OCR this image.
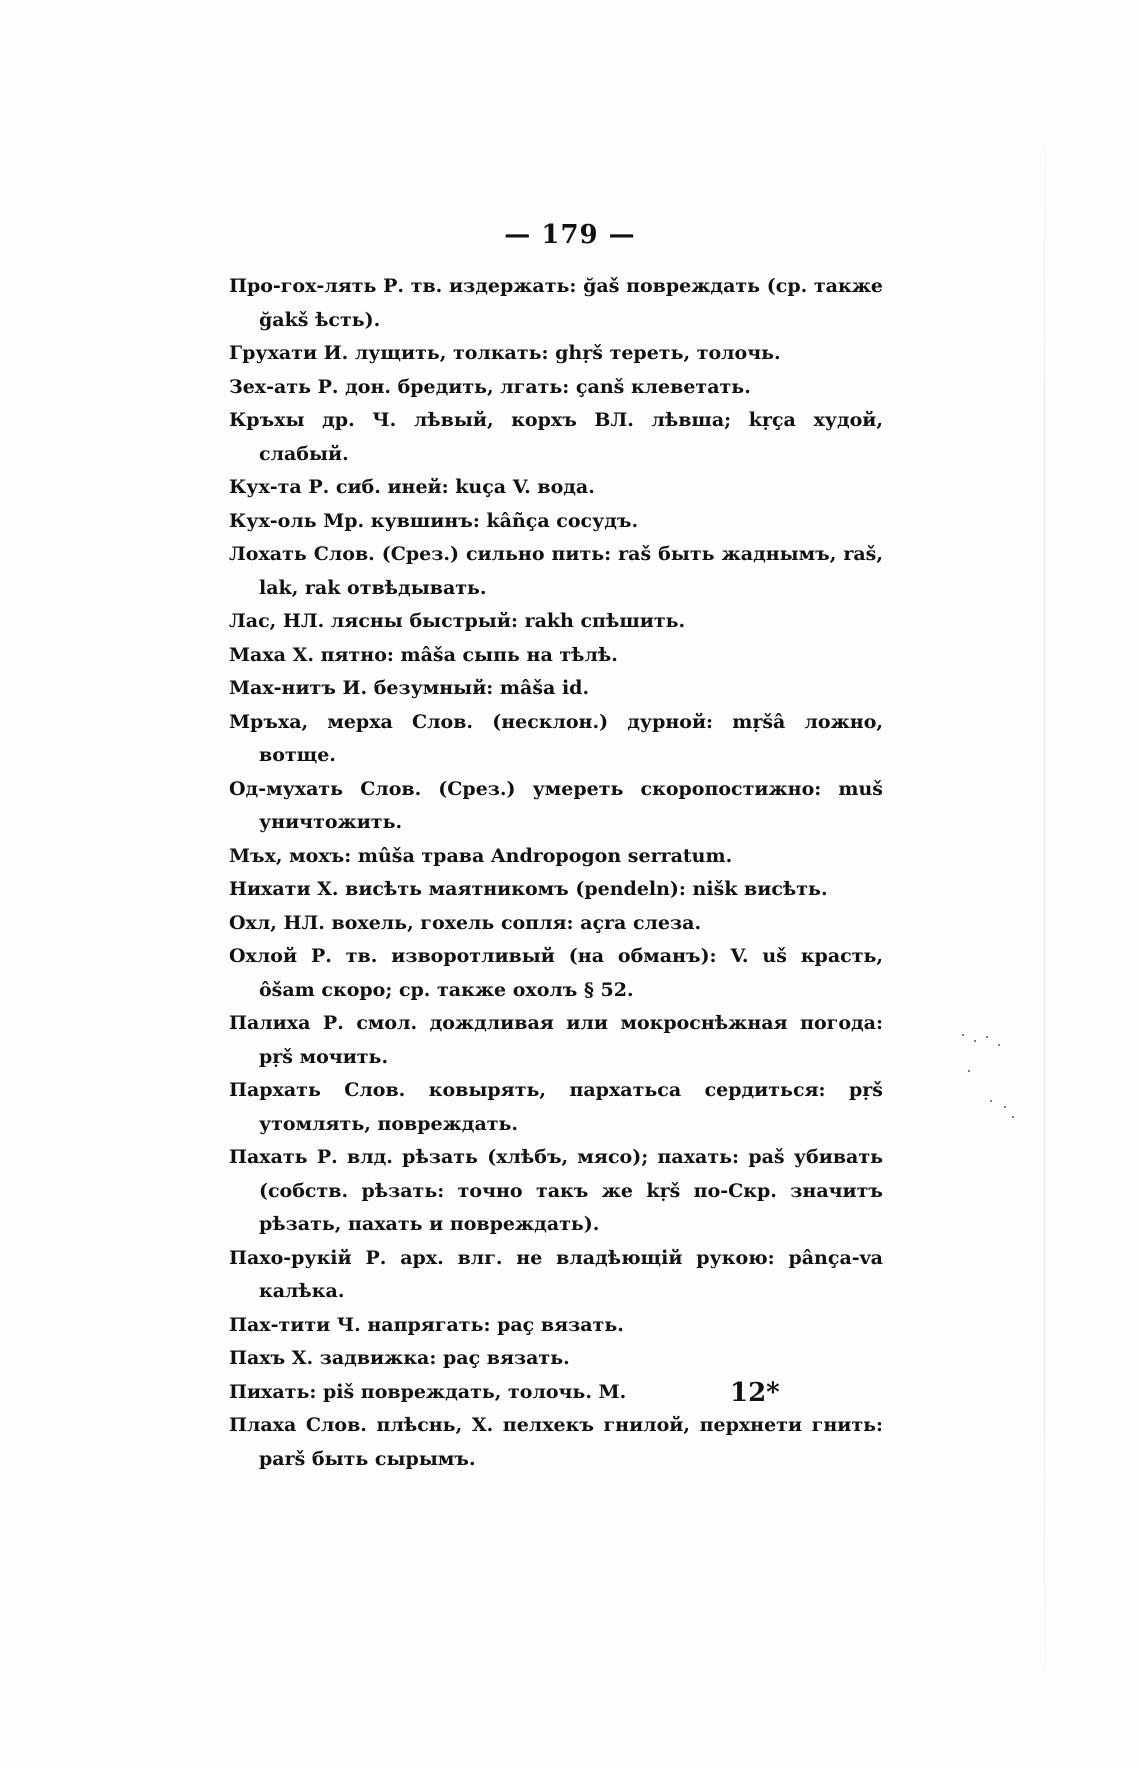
— 179 —
Про-гох-лять Р. тв. издержать: ğaš повреждать (ср. также ğakš ѣсть).
Грухати И. лущить, толкать: ghṛš тереть, толочь.
Зех-ать Р. дон. бредить, лгать: çanš клеветать.
Кръхы др. Ч. лѣвый, корхъ ВЛ. лѣвша; kṛça худой, слабый.
Кух-та Р. сиб. иней: kuça V. вода.
Кух-оль Мр. кувшинъ: kâñça сосудъ.
Лохать Слов. (Срез.) сильно пить: raš быть жаднымъ, raš, lak, rak отвѣдывать.
Лас, НЛ. лясны быстрый: rakh спѣшить.
Маха Х. пятно: mâša сыпь на тѣлѣ.
Мах-нитъ И. безумный: mâša id.
Мръха, мерха Слов. (несклон.) дурной: mṛšâ ложно, вотще.
Од-мухать Слов. (Срез.) умереть скоропостижно: muš уничтожить.
Мъх, мохъ: mûša трава Andropogon serratum.
Нихати Х. висѣть маятникомъ (pendeln): nišk висѣть.
Охл, НЛ. вохель, гохель сопля: açra слеза.
Охлой Р. тв. изворотливый (на обманъ): V. uš красть, ôšam скоро; ср. также охолъ § 52.
Палиха Р. смол. дождливая или мокроснѣжная погода: pṛš мочить.
Пархать Слов. ковырять, пархатьса сердиться: pṛš утомлять, повреждать.
Пахать Р. влд. рѣзать (хлѣбъ, мясо); пахать: paš убивать (собств. рѣзать: точно такъ же kṛš по-Скр. значитъ рѣзать, пахать и повреждать).
Пахо-рукій Р. арх. влг. не владѣющій рукою: pânça-va калѣка.
Пах-тити Ч. напрягать: paç вязать.
Пахъ Х. задвижка: paç вязать.
Пихать: piš повреждать, толочь. М.
Плаха Слов. плѣснь, Х. пелхекъ гнилой, перхнети гнить: parš быть сырымъ.
12*
